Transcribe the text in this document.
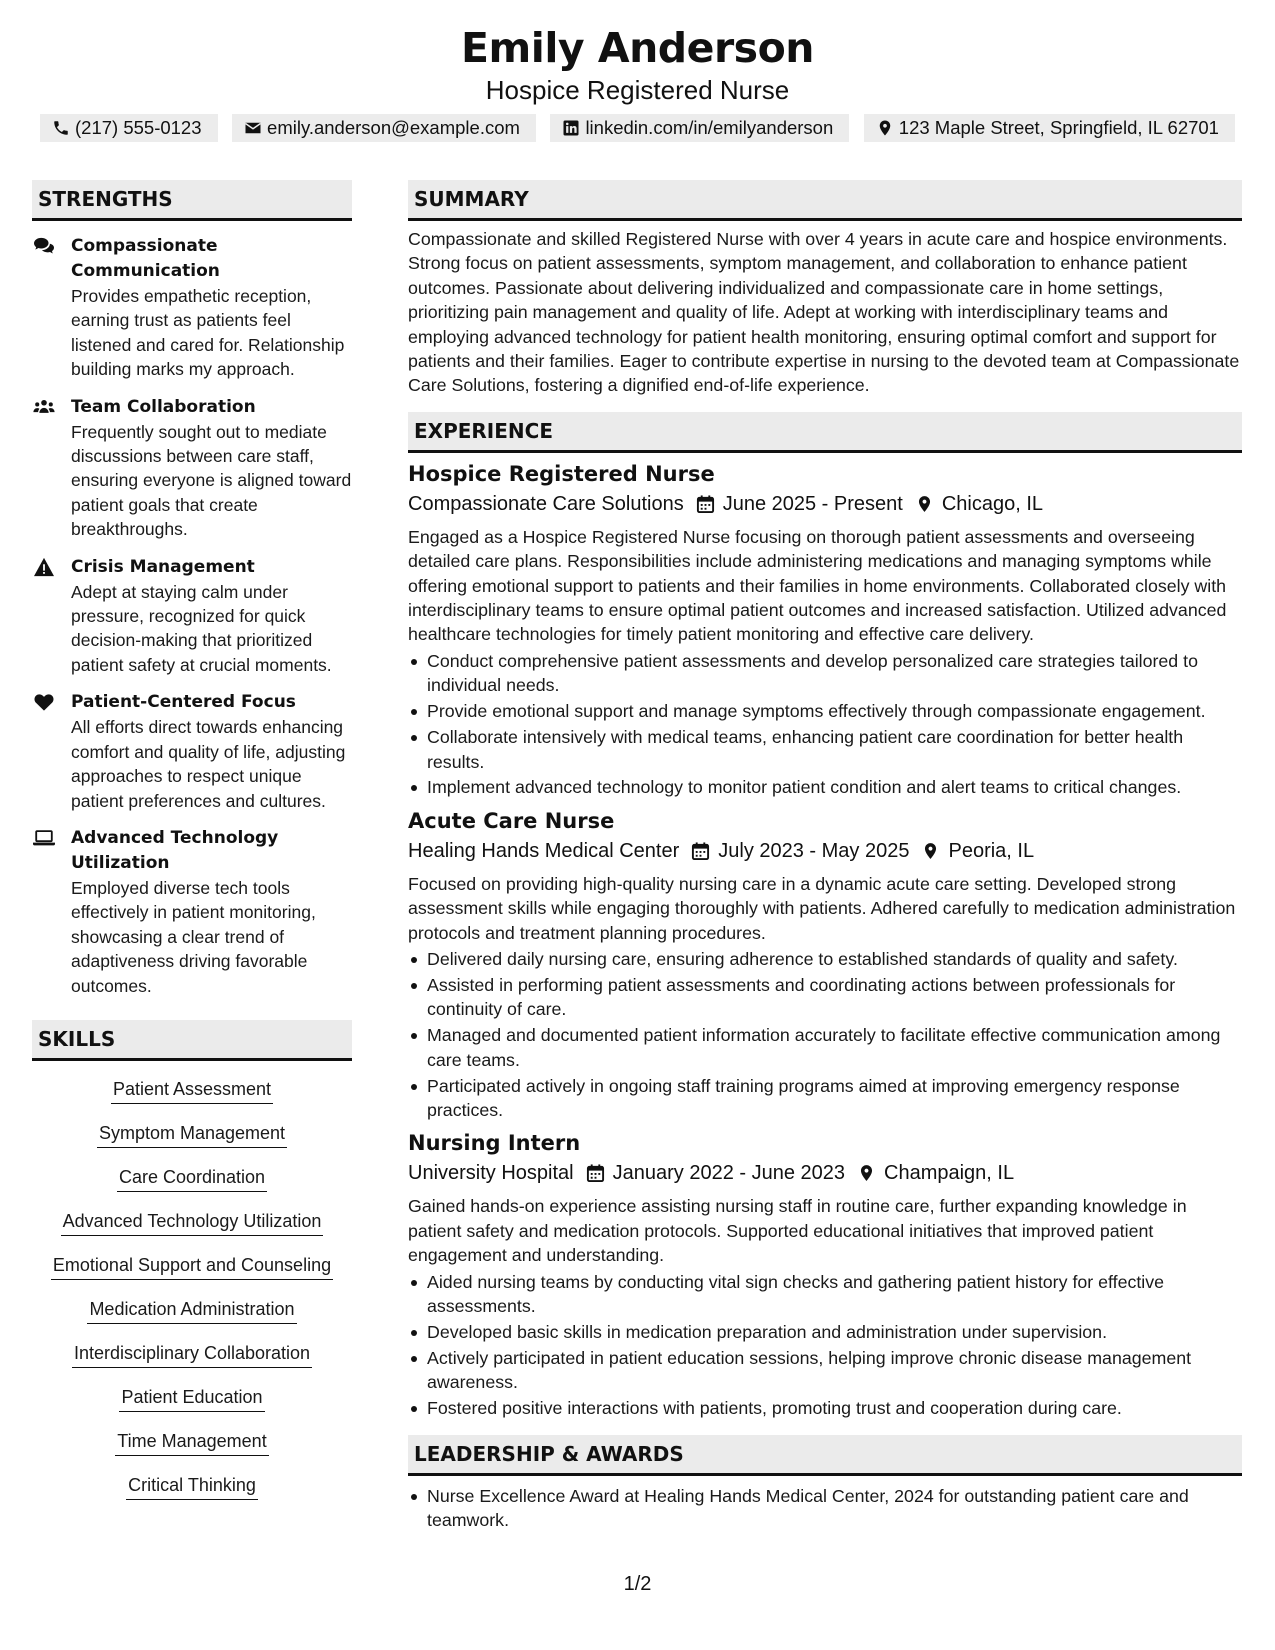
Emily Anderson
Hospice Registered Nurse
(217) 555-0123	emily.anderson@example.com	linkedin.com/in/emilyanderson	123 Maple Street, Springfield, IL 62701
STRENGTHS
Compassionate Communication
Provides empathetic reception, earning trust as patients feel listened and cared for. Relationship building marks my approach.
Team Collaboration
Frequently sought out to mediate discussions between care staff, ensuring everyone is aligned toward patient goals that create breakthroughs.
Crisis Management
Adept at staying calm under pressure, recognized for quick decision-making that prioritized patient safety at crucial moments.
Patient-Centered Focus
All efforts direct towards enhancing comfort and quality of life, adjusting approaches to respect unique patient preferences and cultures.
Advanced Technology Utilization
Employed diverse tech tools effectively in patient monitoring, showcasing a clear trend of adaptiveness driving favorable outcomes.
SKILLS
Patient Assessment
Symptom Management
Care Coordination
Advanced Technology Utilization
Emotional Support and Counseling
Medication Administration
Interdisciplinary Collaboration
Patient Education
Time Management
Critical Thinking
SUMMARY
Compassionate and skilled Registered Nurse with over 4 years in acute care and hospice environments. Strong focus on patient assessments, symptom management, and collaboration to enhance patient outcomes. Passionate about delivering individualized and compassionate care in home settings, prioritizing pain management and quality of life. Adept at working with interdisciplinary teams and employing advanced technology for patient health monitoring, ensuring optimal comfort and support for patients and their families. Eager to contribute expertise in nursing to the devoted team at Compassionate Care Solutions, fostering a dignified end-of-life experience.
EXPERIENCE
Hospice Registered Nurse
Compassionate Care Solutions June 2025 - Present Chicago, IL
Engaged as a Hospice Registered Nurse focusing on thorough patient assessments and overseeing detailed care plans. Responsibilities include administering medications and managing symptoms while offering emotional support to patients and their families in home environments. Collaborated closely with interdisciplinary teams to ensure optimal patient outcomes and increased satisfaction. Utilized advanced healthcare technologies for timely patient monitoring and effective care delivery.
Conduct comprehensive patient assessments and develop personalized care strategies tailored to individual needs.
Provide emotional support and manage symptoms effectively through compassionate engagement.
Collaborate intensively with medical teams, enhancing patient care coordination for better health results.
Implement advanced technology to monitor patient condition and alert teams to critical changes.
Acute Care Nurse
Healing Hands Medical Center July 2023 - May 2025 Peoria, IL
Focused on providing high-quality nursing care in a dynamic acute care setting. Developed strong assessment skills while engaging thoroughly with patients. Adhered carefully to medication administration protocols and treatment planning procedures.
Delivered daily nursing care, ensuring adherence to established standards of quality and safety.
Assisted in performing patient assessments and coordinating actions between professionals for continuity of care.
Managed and documented patient information accurately to facilitate effective communication among care teams.
Participated actively in ongoing staff training programs aimed at improving emergency response practices.
Nursing Intern
University Hospital January 2022 - June 2023 Champaign, IL
Gained hands-on experience assisting nursing staff in routine care, further expanding knowledge in patient safety and medication protocols. Supported educational initiatives that improved patient engagement and understanding.
Aided nursing teams by conducting vital sign checks and gathering patient history for effective assessments.
Developed basic skills in medication preparation and administration under supervision.
Actively participated in patient education sessions, helping improve chronic disease management awareness.
Fostered positive interactions with patients, promoting trust and cooperation during care.
LEADERSHIP & AWARDS
Nurse Excellence Award at Healing Hands Medical Center, 2024 for outstanding patient care and teamwork.
1/2
